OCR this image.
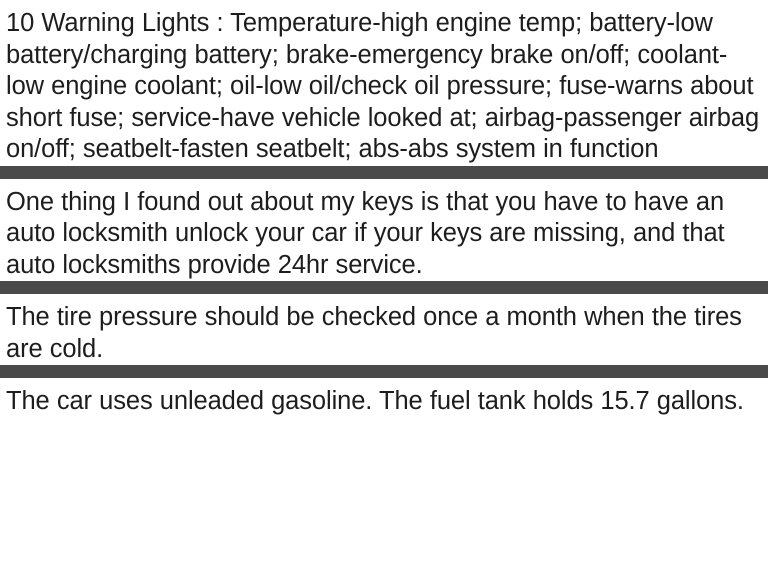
10 Warning Lights : Temperature-high engine temp; battery-low battery/charging battery; brake-emergency brake on/off; coolant-low engine coolant; oil-low oil/check oil pressure; fuse-warns about short fuse; service-have vehicle looked at; airbag-passenger airbag on/off; seatbelt-fasten seatbelt; abs-abs system in function

One thing I found out about my keys is that you have to have an auto locksmith unlock your car if your keys are missing, and that auto locksmiths provide 24hr service.

The tire pressure should be checked once a month when the tires are cold.

The car uses unleaded gasoline. The fuel tank holds 15.7 gallons.
